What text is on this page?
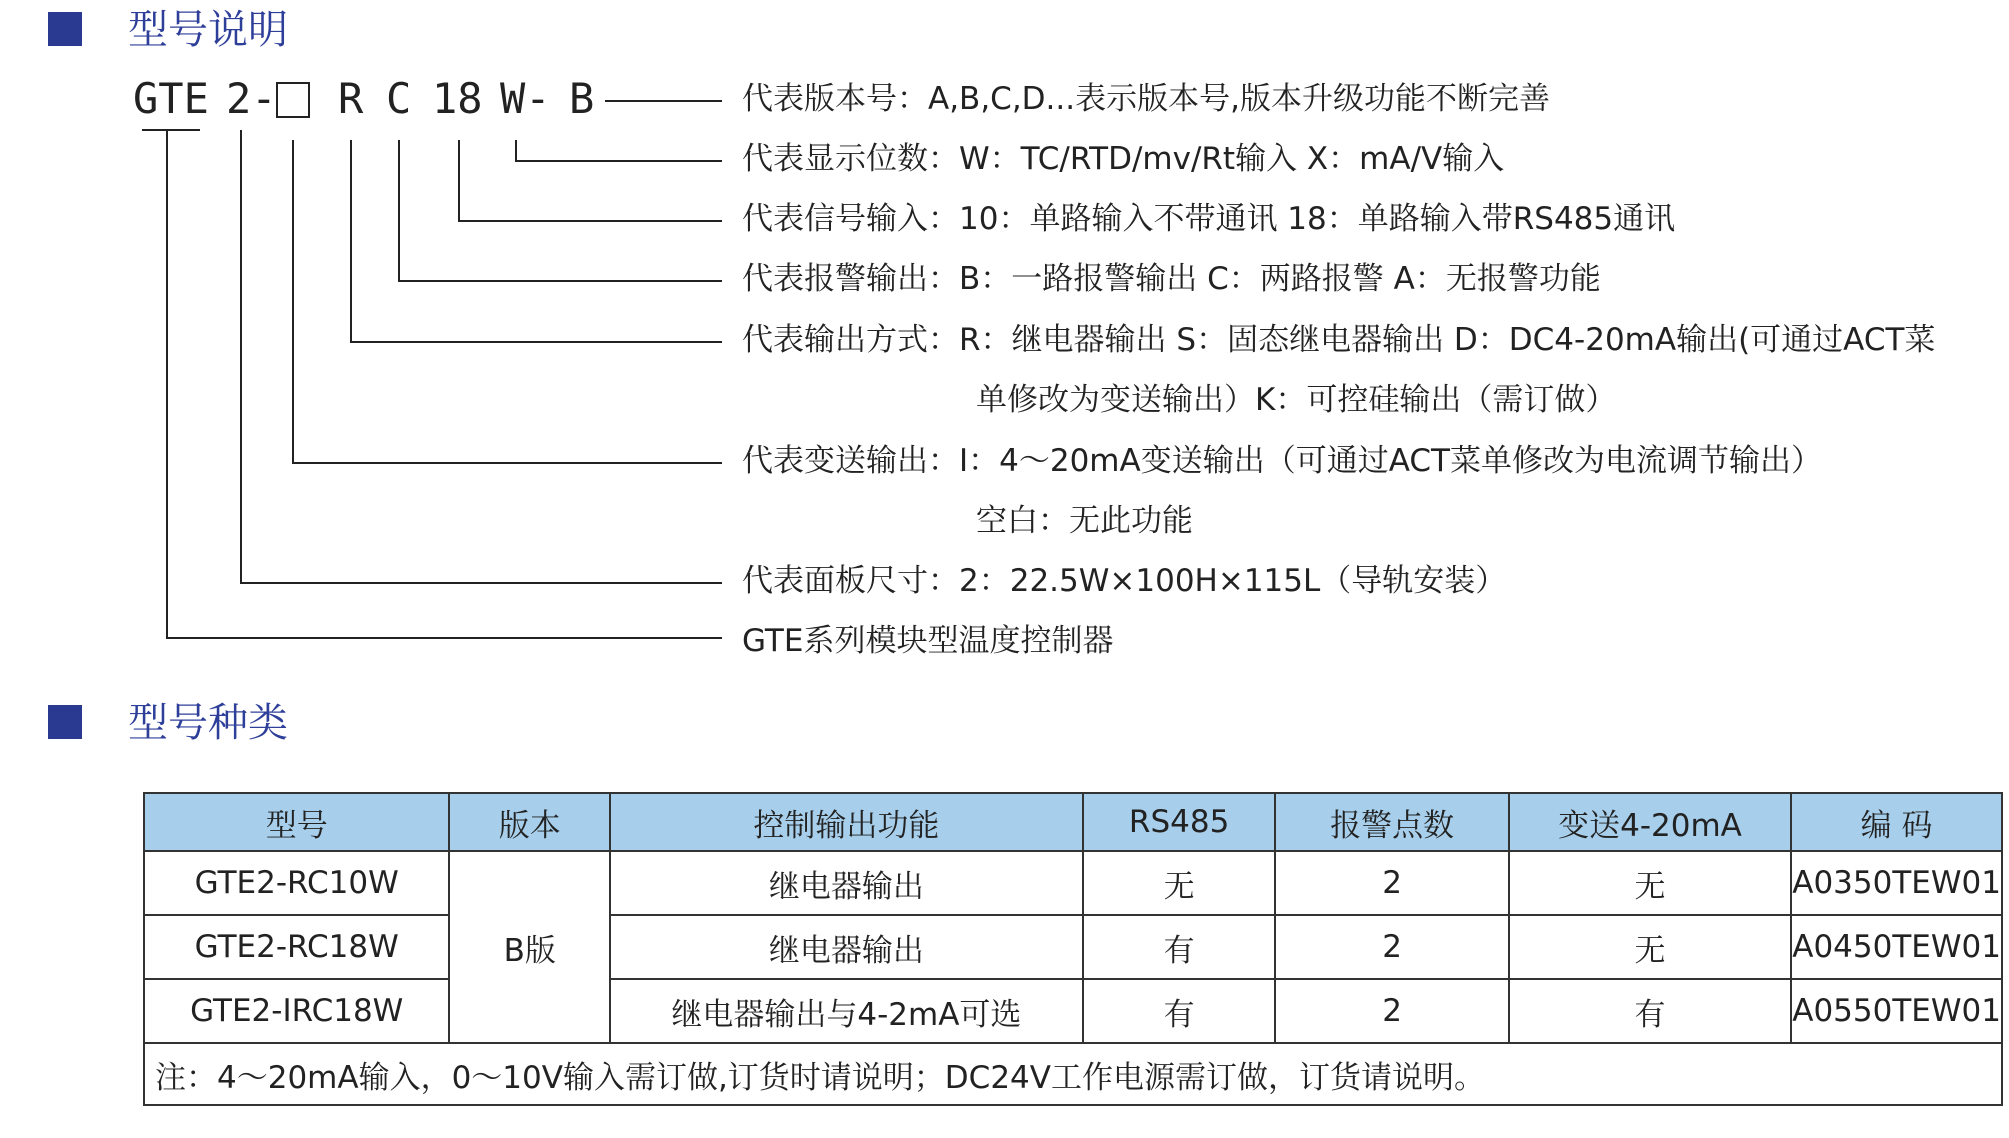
型号说明
GTE 2- R C 18 W- B	代表版本号：A,B,C,D...表示版本号,版本升级功能不断完善
代表显示位数：W：TC/RTD/mv/Rt输入 X：mA/V输入
代表信号输入：10：单路输入不带通讯 18：单路输入带RS485通讯
代表报警输出：B：一路报警输出 C：两路报警 A：无报警功能
代表输出方式：R：继电器输出 S：固态继电器输出 D：DC4-20mA输出(可通过ACT菜
单修改为变送输出）K：可控硅输出（需订做）
代表变送输出：I：4～20mA变送输出（可通过ACT菜单修改为电流调节输出）
空白：无此功能
代表面板尺寸：2：22.5W×100H×115L（导轨安装）
GTE系列模块型温度控制器
型号种类
型号	版本	控制输出功能	RS485	报警点数	变送4-20mA	编 码
GTE2-RC10W	B版	继电器输出	无	2	无	A0350TEW01
GTE2-RC18W		继电器输出	有	2	无	A0450TEW01
GTE2-IRC18W		继电器输出与4-2mA可选	有	2	有	A0550TEW01
注：4～20mA输入，0～10V输入需订做,订货时请说明；DC24V工作电源需订做，订货请说明。						
